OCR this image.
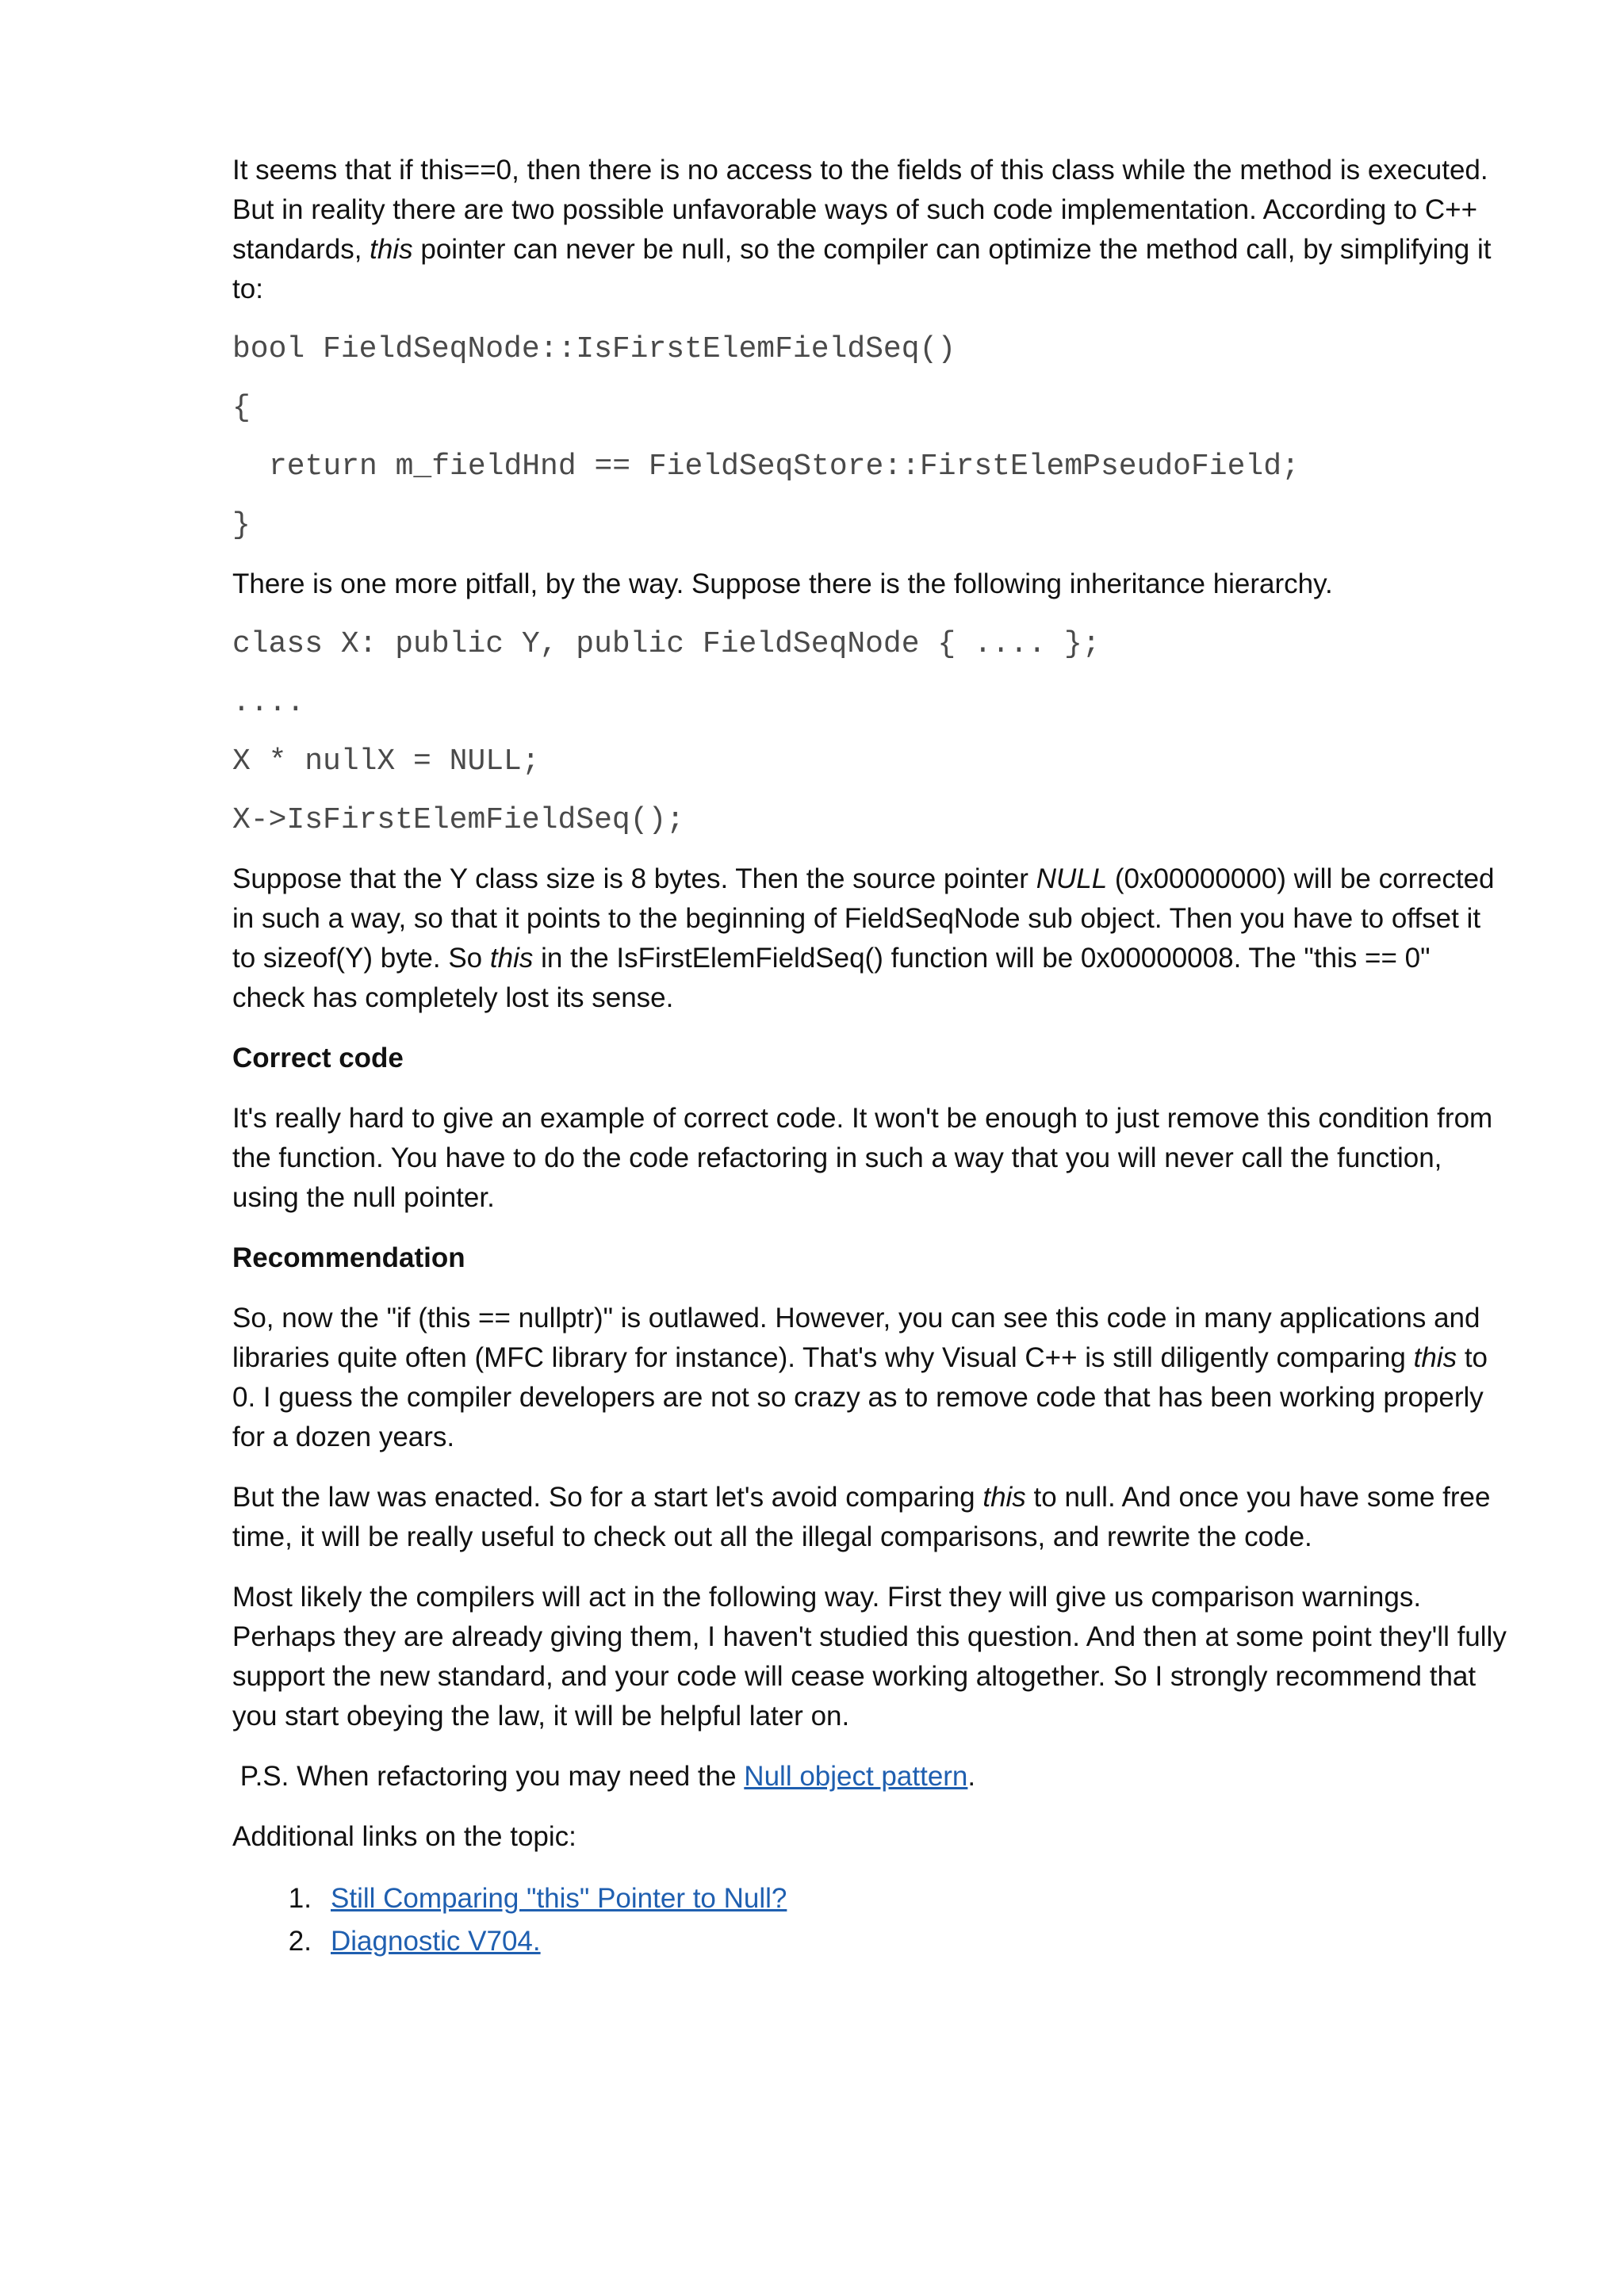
It seems that if this==0, then there is no access to the fields of this class while the method is executed. But in reality there are two possible unfavorable ways of such code implementation. According to C++ standards, this pointer can never be null, so the compiler can optimize the method call, by simplifying it to:

bool FieldSeqNode::IsFirstElemFieldSeq()
{
return m_fieldHnd == FieldSeqStore::FirstElemPseudoField;
}

There is one more pitfall, by the way. Suppose there is the following inheritance hierarchy.

class X: public Y, public FieldSeqNode { .... };
....
X * nullX = NULL;
X->IsFirstElemFieldSeq();

Suppose that the Y class size is 8 bytes. Then the source pointer NULL (0x00000000) will be corrected in such a way, so that it points to the beginning of FieldSeqNode sub object. Then you have to offset it to sizeof(Y) byte. So this in the IsFirstElemFieldSeq() function will be 0x00000008. The "this == 0" check has completely lost its sense.

Correct code

It's really hard to give an example of correct code. It won't be enough to just remove this condition from the function. You have to do the code refactoring in such a way that you will never call the function, using the null pointer.

Recommendation

So, now the "if (this == nullptr)" is outlawed. However, you can see this code in many applications and libraries quite often (MFC library for instance). That's why Visual C++ is still diligently comparing this to 0. I guess the compiler developers are not so crazy as to remove code that has been working properly for a dozen years.

But the law was enacted. So for a start let's avoid comparing this to null. And once you have some free time, it will be really useful to check out all the illegal comparisons, and rewrite the code.

Most likely the compilers will act in the following way. First they will give us comparison warnings. Perhaps they are already giving them, I haven't studied this question. And then at some point they'll fully support the new standard, and your code will cease working altogether. So I strongly recommend that you start obeying the law, it will be helpful later on.

P.S. When refactoring you may need the Null object pattern.

Additional links on the topic:

1. Still Comparing "this" Pointer to Null?
2. Diagnostic V704.
